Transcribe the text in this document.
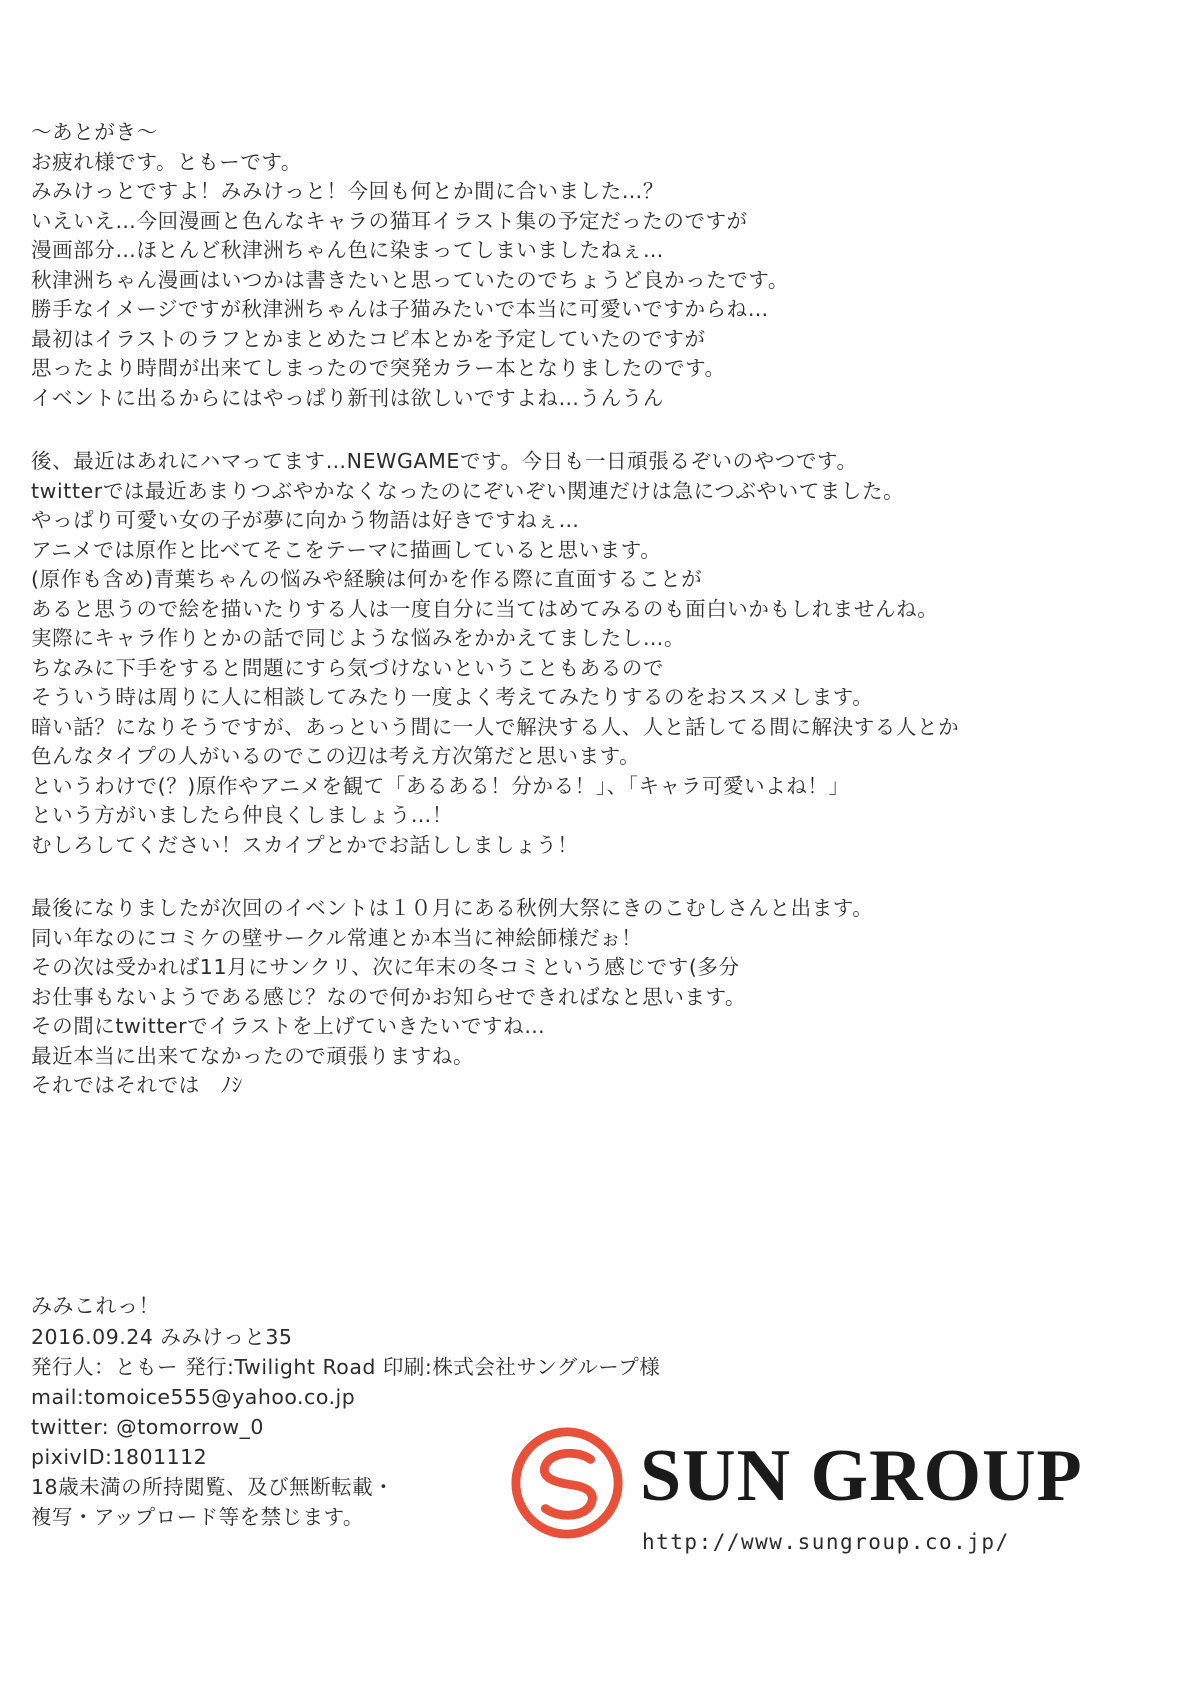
～あとがき～
お疲れ様です。ともーです。
みみけっとですよ！みみけっと！今回も何とか間に合いました…？
いえいえ…今回漫画と色んなキャラの猫耳イラスト集の予定だったのですが
漫画部分…ほとんど秋津洲ちゃん色に染まってしまいましたねぇ…
秋津洲ちゃん漫画はいつかは書きたいと思っていたのでちょうど良かったです。
勝手なイメージですが秋津洲ちゃんは子猫みたいで本当に可愛いですからね…
最初はイラストのラフとかまとめたコピ本とかを予定していたのですが
思ったより時間が出来てしまったので突発カラー本となりましたのです。
イベントに出るからにはやっぱり新刊は欲しいですよね…うんうん
後、最近はあれにハマってます…NEWGAMEです。今日も一日頑張るぞいのやつです。
twitterでは最近あまりつぶやかなくなったのにぞいぞい関連だけは急につぶやいてました。
やっぱり可愛い女の子が夢に向かう物語は好きですねぇ…
アニメでは原作と比べてそこをテーマに描画していると思います。
(原作も含め)青葉ちゃんの悩みや経験は何かを作る際に直面することが
あると思うので絵を描いたりする人は一度自分に当てはめてみるのも面白いかもしれませんね。
実際にキャラ作りとかの話で同じような悩みをかかえてましたし…。
ちなみに下手をすると問題にすら気づけないということもあるので
そういう時は周りに人に相談してみたり一度よく考えてみたりするのをおススメします。
暗い話？になりそうですが、あっという間に一人で解決する人、人と話してる間に解決する人とか
色んなタイプの人がいるのでこの辺は考え方次第だと思います。
というわけで(？)原作やアニメを観て「あるある！分かる！」、「キャラ可愛いよね！」
という方がいましたら仲良くしましょう…！
むしろしてください！スカイプとかでお話ししましょう！
最後になりましたが次回のイベントは１０月にある秋例大祭にきのこむしさんと出ます。
同い年なのにコミケの壁サークル常連とか本当に神絵師様だぉ！
その次は受かれば11月にサンクリ、次に年末の冬コミという感じです(多分
お仕事もないようである感じ？なので何かお知らせできればなと思います。
その間にtwitterでイラストを上げていきたいですね…
最近本当に出来てなかったので頑張りますね。
それではそれでは　ﾉｼ
みみこれっ！
2016.09.24 みみけっと35
発行人：ともー 発行:Twilight Road 印刷:株式会社サングループ様
mail:tomoice555@yahoo.co.jp
twitter: @tomorrow_0
pixivID:1801112
18歳未満の所持閲覧、及び無断転載・
複写・アップロード等を禁じます。	SUN GROUP
http://www.sungroup.co.jp/
